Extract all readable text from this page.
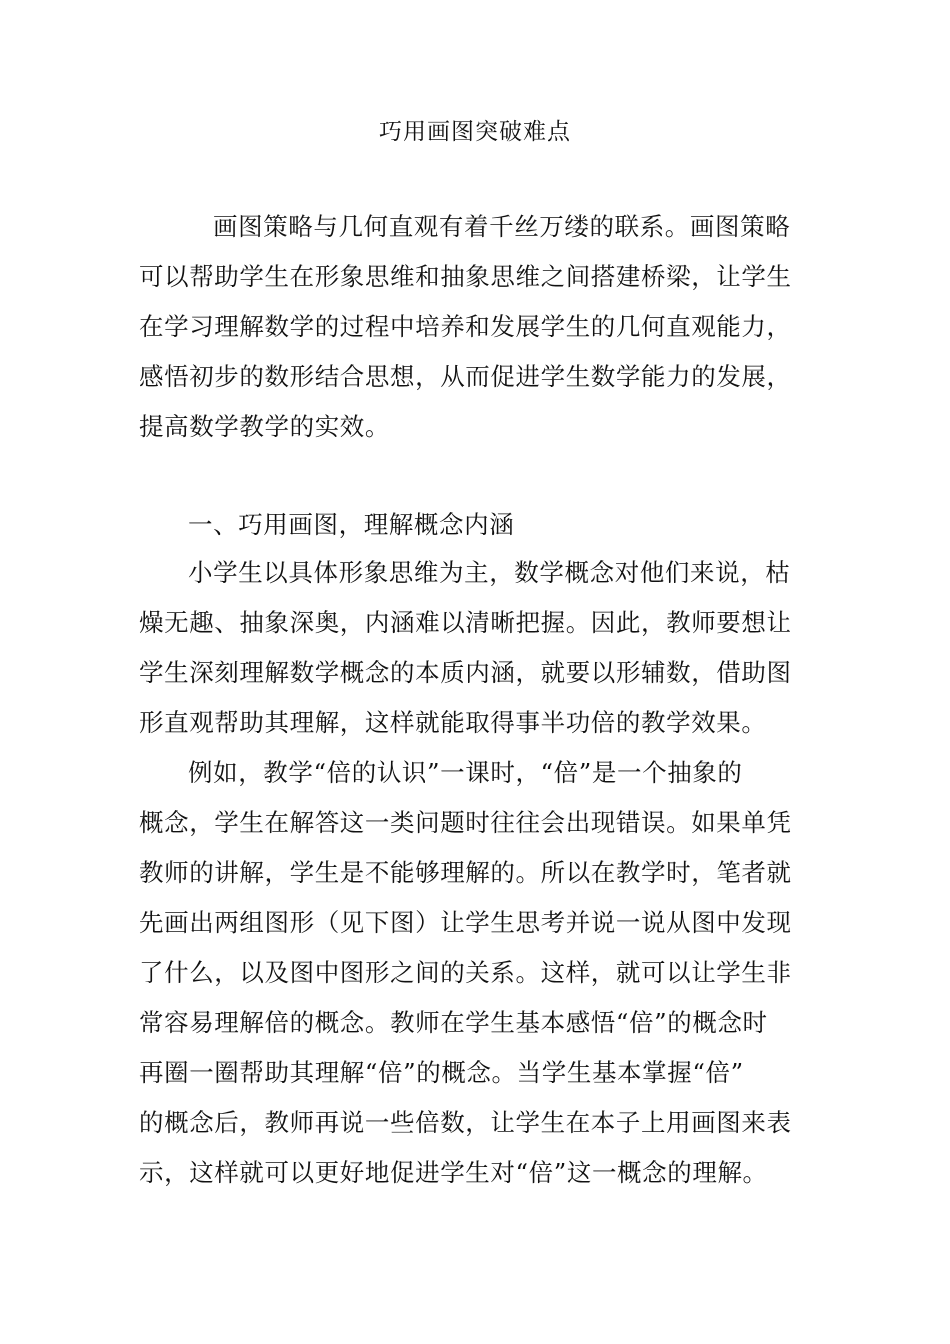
巧用画图突破难点
画图策略与几何直观有着千丝万缕的联系。画图策略
可以帮助学生在形象思维和抽象思维之间搭建桥梁，让学生
在学习理解数学的过程中培养和发展学生的几何直观能力，
感悟初步的数形结合思想，从而促进学生数学能力的发展，
提高数学教学的实效。
一、巧用画图，理解概念内涵
小学生以具体形象思维为主，数学概念对他们来说，枯
燥无趣、抽象深奥，内涵难以清晰把握。因此，教师要想让
学生深刻理解数学概念的本质内涵，就要以形辅数，借助图
形直观帮助其理解，这样就能取得事半功倍的教学效果。
例如，教学“倍的认识”一课时，“倍”是一个抽象的
概念，学生在解答这一类问题时往往会出现错误。如果单凭
教师的讲解，学生是不能够理解的。所以在教学时，笔者就
先画出两组图形（见下图）让学生思考并说一说从图中发现
了什么，以及图中图形之间的关系。这样，就可以让学生非
常容易理解倍的概念。教师在学生基本感悟“倍”的概念时
再圈一圈帮助其理解“倍”的概念。当学生基本掌握“倍”
的概念后，教师再说一些倍数，让学生在本子上用画图来表
示，这样就可以更好地促进学生对“倍”这一概念的理解。
